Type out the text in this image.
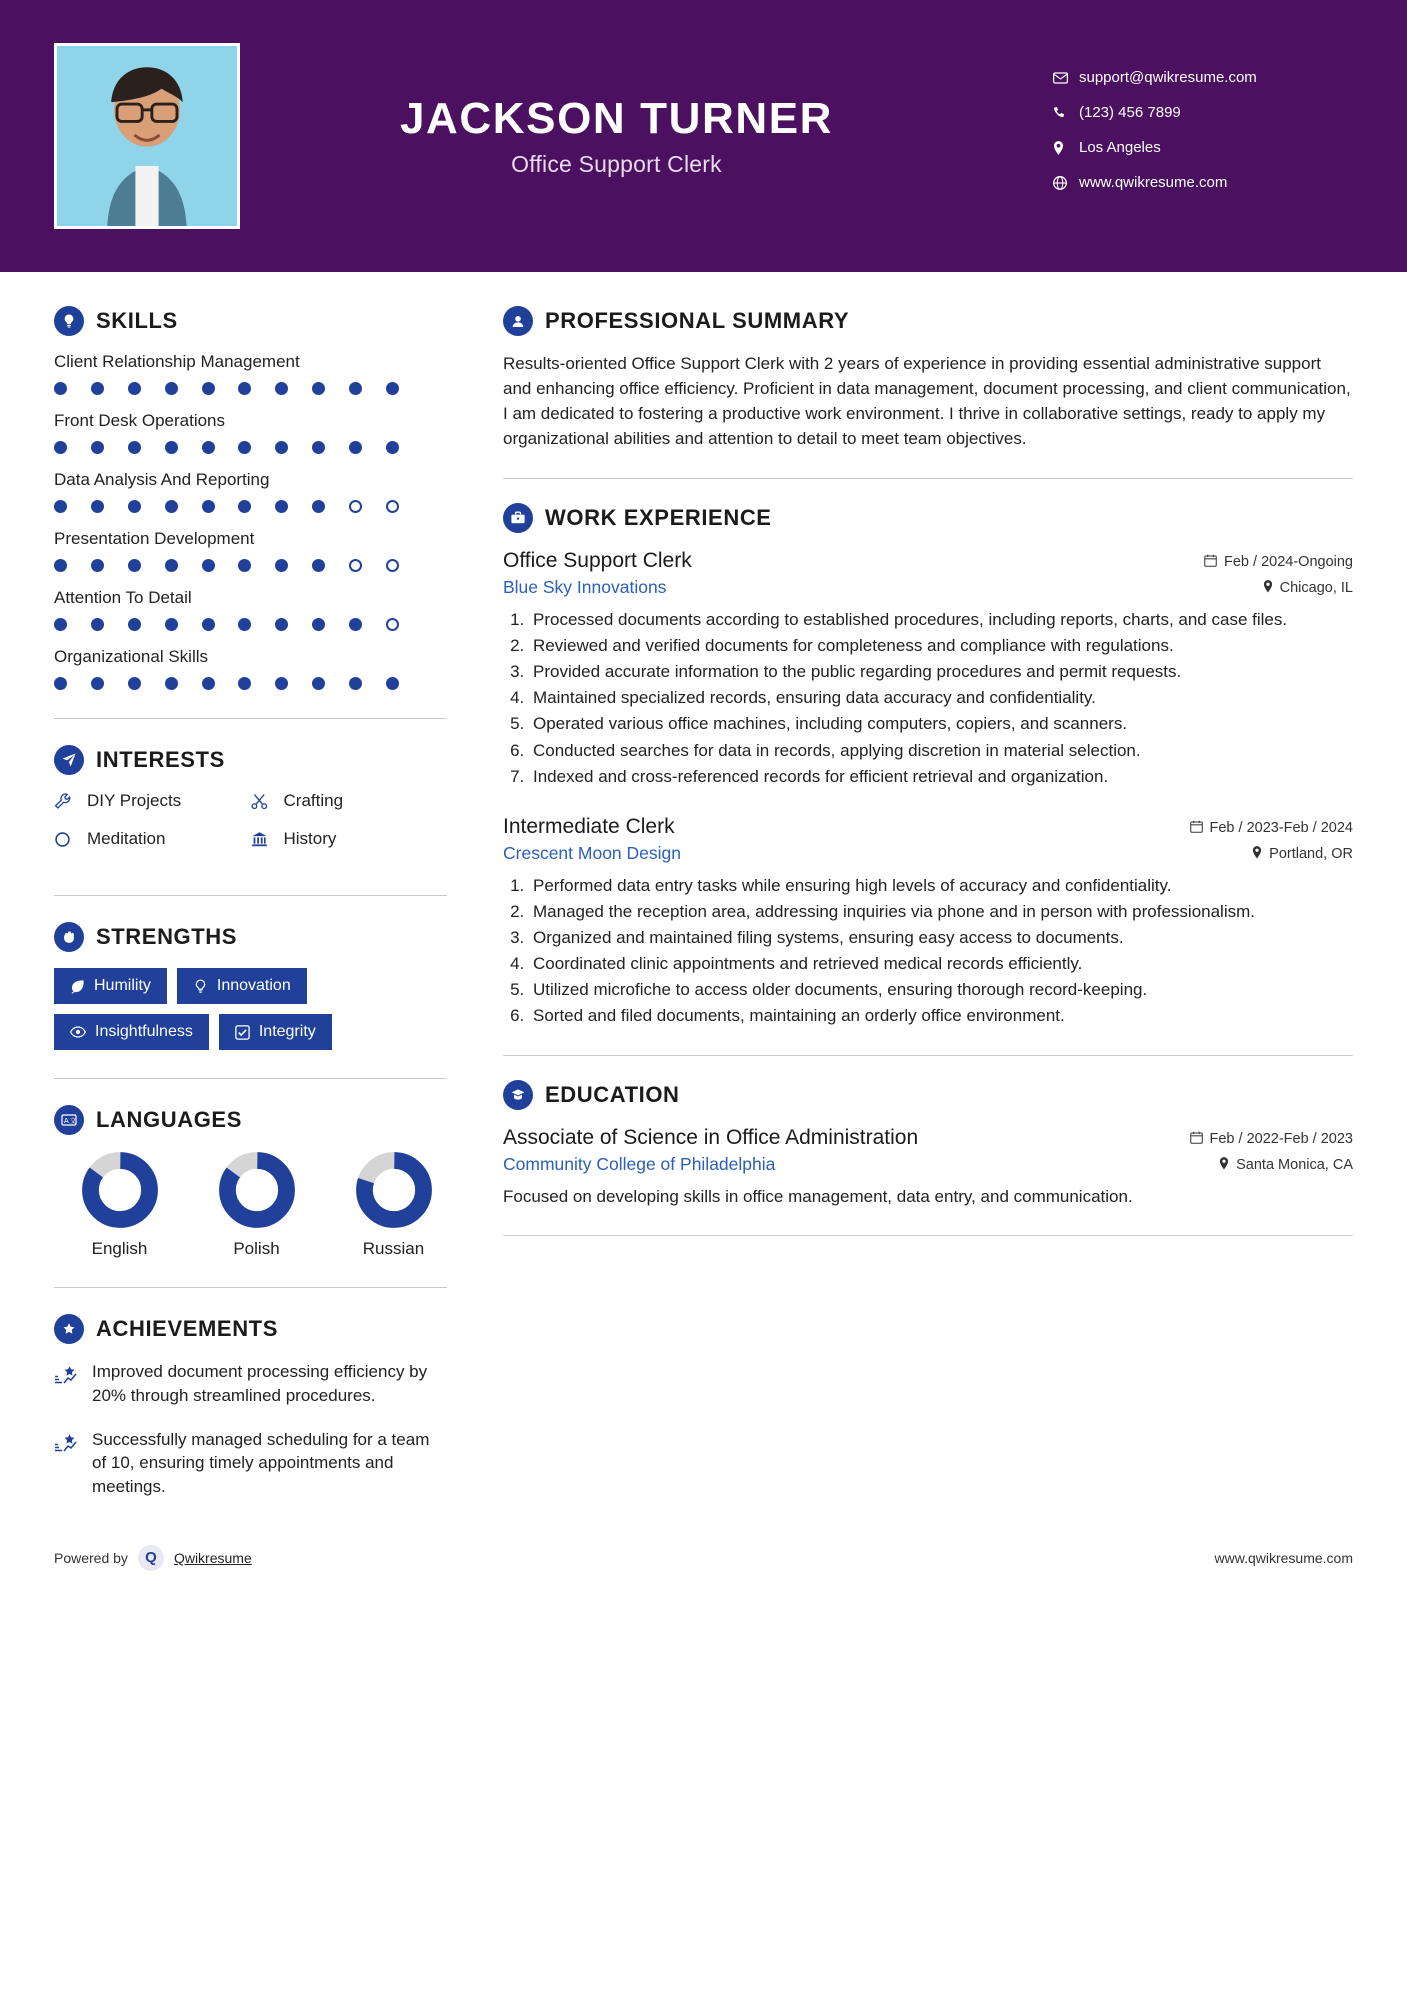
JACKSON TURNER
Office Support Clerk
support@qwikresume.com
(123) 456 7899
Los Angeles
www.qwikresume.com
SKILLS
Client Relationship Management
Front Desk Operations
Data Analysis And Reporting
Presentation Development
Attention To Detail
Organizational Skills
INTERESTS
DIY Projects	Crafting
Meditation	History
STRENGTHS
Humility	Innovation
Insightfulness	Integrity
A 文 LANGUAGES
English	Polish	Russian
ACHIEVEMENTS
Improved document processing efficiency by 20% through streamlined procedures.
Successfully managed scheduling for a team of 10, ensuring timely appointments and meetings.
PROFESSIONAL SUMMARY
Results-oriented Office Support Clerk with 2 years of experience in providing essential administrative support and enhancing office efficiency. Proficient in data management, document processing, and client communication, I am dedicated to fostering a productive work environment. I thrive in collaborative settings, ready to apply my organizational abilities and attention to detail to meet team objectives.
WORK EXPERIENCE
Office Support Clerk	Feb / 2024-Ongoing
Blue Sky Innovations	Chicago, IL
1. Processed documents according to established procedures, including reports, charts, and case files.
2. Reviewed and verified documents for completeness and compliance with regulations.
3. Provided accurate information to the public regarding procedures and permit requests.
4. Maintained specialized records, ensuring data accuracy and confidentiality.
5. Operated various office machines, including computers, copiers, and scanners.
6. Conducted searches for data in records, applying discretion in material selection.
7. Indexed and cross-referenced records for efficient retrieval and organization.
Intermediate Clerk	Feb / 2023-Feb / 2024
Crescent Moon Design	Portland, OR
1. Performed data entry tasks while ensuring high levels of accuracy and confidentiality.
2. Managed the reception area, addressing inquiries via phone and in person with professionalism.
3. Organized and maintained filing systems, ensuring easy access to documents.
4. Coordinated clinic appointments and retrieved medical records efficiently.
5. Utilized microfiche to access older documents, ensuring thorough record-keeping.
6. Sorted and filed documents, maintaining an orderly office environment.
EDUCATION
Associate of Science in Office Administration	Feb / 2022-Feb / 2023
Community College of Philadelphia	Santa Monica, CA
Focused on developing skills in office management, data entry, and communication.
Powered by	Q	Qwikresume	www.qwikresume.com
